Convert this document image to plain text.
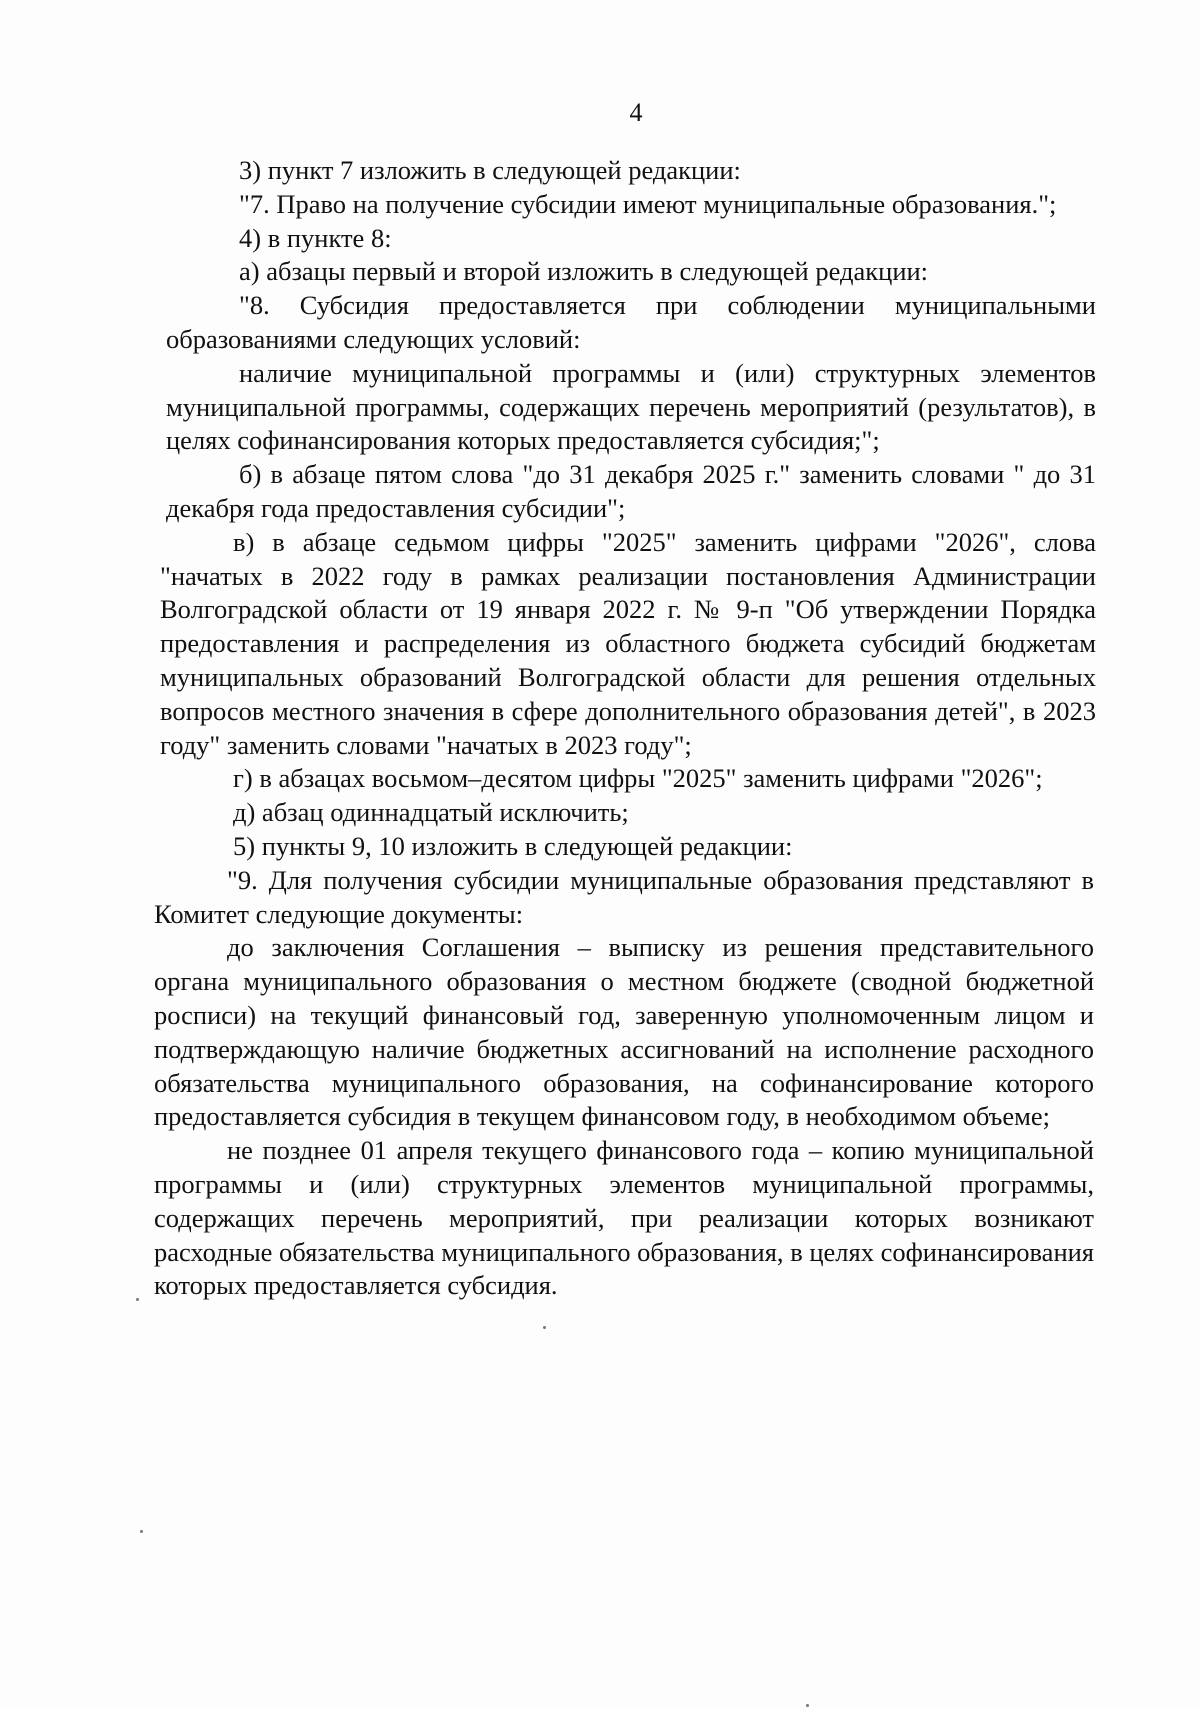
4

3) пункт 7 изложить в следующей редакции:

"7. Право на получение субсидии имеют муниципальные образования.";

4) в пункте 8:

а) абзацы первый и второй изложить в следующей редакции:

"8. Субсидия предоставляется при соблюдении муниципальными образованиями следующих условий:

наличие муниципальной программы и (или) структурных элементов муниципальной программы, содержащих перечень мероприятий (результатов), в целях софинансирования которых предоставляется субсидия;";

б) в абзаце пятом слова "до 31 декабря 2025 г." заменить словами " до 31 декабря года предоставления субсидии";

в) в абзаце седьмом цифры "2025" заменить цифрами "2026", слова "начатых в 2022 году в рамках реализации постановления Администрации Волгоградской области от 19 января 2022 г. № 9-п "Об утверждении Порядка предоставления и распределения из областного бюджета субсидий бюджетам муниципальных образований Волгоградской области для решения отдельных вопросов местного значения в сфере дополнительного образования детей", в 2023 году" заменить словами "начатых в 2023 году";

г) в абзацах восьмом–десятом цифры "2025" заменить цифрами "2026";

д) абзац одиннадцатый исключить;

5) пункты 9, 10 изложить в следующей редакции:

"9. Для получения субсидии муниципальные образования представляют в Комитет следующие документы:

до заключения Соглашения – выписку из решения представительного органа муниципального образования о местном бюджете (сводной бюджетной росписи) на текущий финансовый год, заверенную уполномоченным лицом и подтверждающую наличие бюджетных ассигнований на исполнение расходного обязательства муниципального образования, на софинансирование которого предоставляется субсидия в текущем финансовом году, в необходимом объеме;

не позднее 01 апреля текущего финансового года – копию муниципальной программы и (или) структурных элементов муниципальной программы, содержащих перечень мероприятий, при реализации которых возникают расходные обязательства муниципального образования, в целях софинансирования которых предоставляется субсидия.
